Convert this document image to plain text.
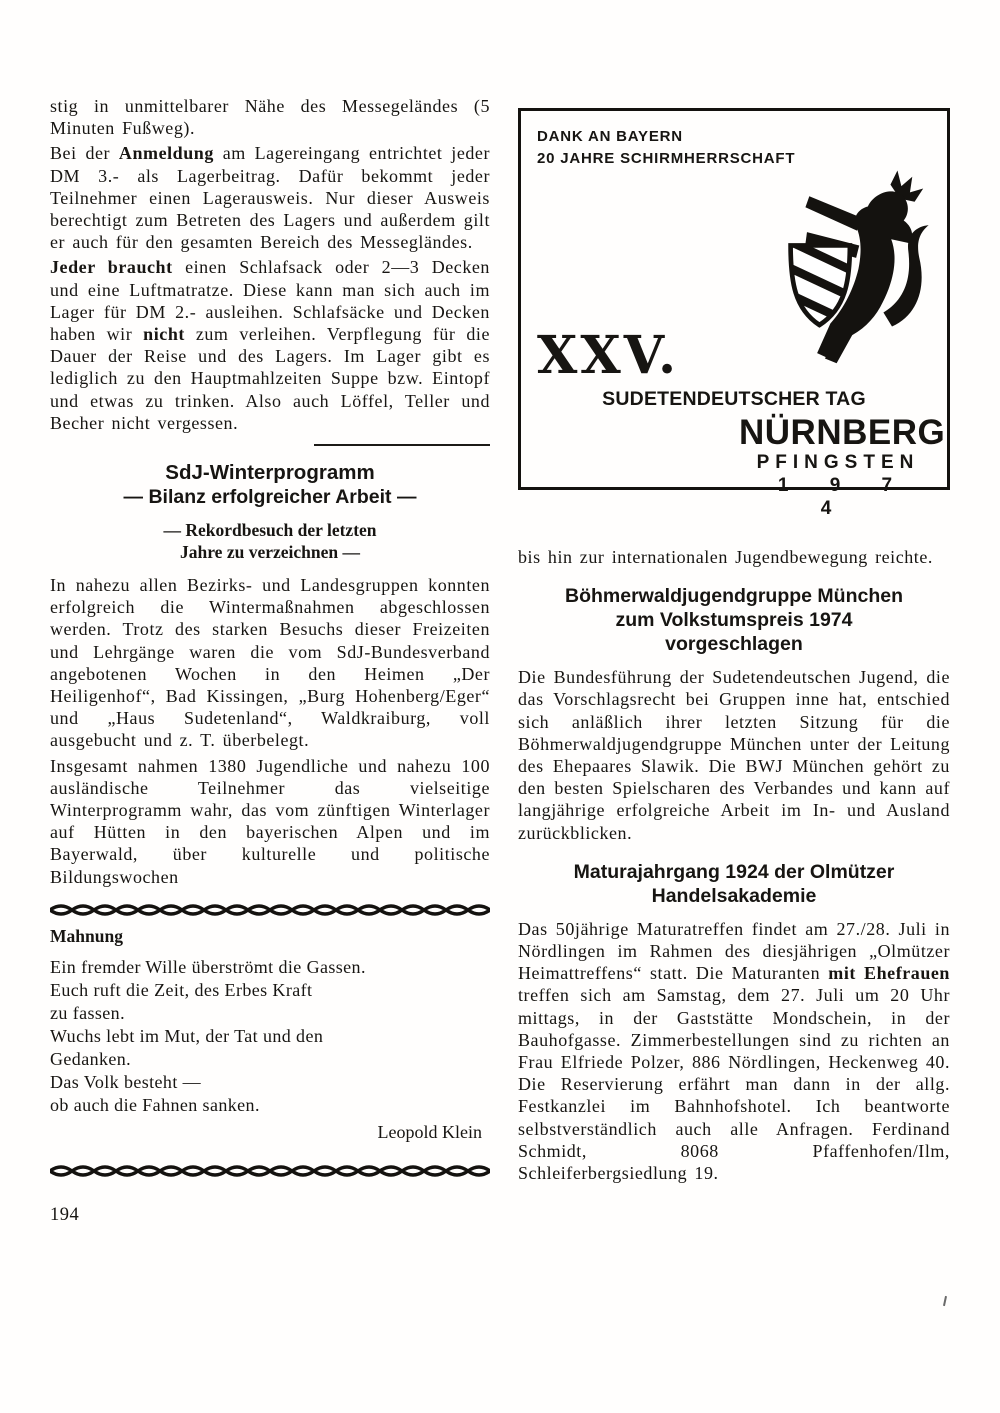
stig in unmittelbarer Nähe des Messegeländes (5 Minuten Fußweg).

Bei der Anmeldung am Lagereingang entrichtet jeder DM 3.- als Lagerbeitrag. Dafür bekommt jeder Teilnehmer einen Lagerausweis. Nur dieser Ausweis berechtigt zum Betreten des Lagers und außerdem gilt er auch für den gesamten Bereich des Messegländes.

Jeder braucht einen Schlafsack oder 2—3 Decken und eine Luftmatratze. Diese kann man sich auch im Lager für DM 2.- ausleihen. Schlafsäcke und Decken haben wir nicht zum verleihen. Verpflegung für die Dauer der Reise und des Lagers. Im Lager gibt es lediglich zu den Hauptmahlzeiten Suppe bzw. Eintopf und etwas zu trinken. Also auch Löffel, Teller und Becher nicht vergessen.

SdJ-Winterprogramm
— Bilanz erfolgreicher Arbeit —
— Rekordbesuch der letzten
Jahre zu verzeichnen —

In nahezu allen Bezirks- und Landesgruppen konnten erfolgreich die Wintermaßnahmen abgeschlossen werden. Trotz des starken Besuchs dieser Freizeiten und Lehrgänge waren die vom SdJ-Bundesverband angebotenen Wochen in den Heimen „Der Heiligenhof“, Bad Kissingen, „Burg Hohenberg/Eger“ und „Haus Sudetenland“, Waldkraiburg, voll ausgebucht und z. T. überbelegt.

Insgesamt nahmen 1380 Jugendliche und nahezu 100 ausländische Teilnehmer das vielseitige Winterprogramm wahr, das vom zünftigen Winterlager auf Hütten in den bayerischen Alpen und im Bayerwald, über kulturelle und politische Bildungswochen

Mahnung
Ein fremder Wille überströmt die Gassen.
Euch ruft die Zeit, des Erbes Kraft
zu fassen.
Wuchs lebt im Mut, der Tat und den
Gedanken.
Das Volk besteht —
ob auch die Fahnen sanken.
Leopold Klein
194
DANK AN BAYERN
20 JAHRE SCHIRMHERRSCHAFT
XXV.
SUDETENDEUTSCHER TAG
NÜRNBERG
PFINGSTEN
1 9 7 4

bis hin zur internationalen Jugendbewegung reichte.

Böhmerwaldjugendgruppe München
zum Volkstumspreis 1974
vorgeschlagen

Die Bundesführung der Sudetendeutschen Jugend, die das Vorschlagsrecht bei Gruppen inne hat, entschied sich anläßlich ihrer letzten Sitzung für die Böhmerwaldjugendgruppe München unter der Leitung des Ehepaares Slawik. Die BWJ München gehört zu den besten Spielscharen des Verbandes und kann auf langjährige erfolgreiche Arbeit im In- und Ausland zurückblicken.

Maturajahrgang 1924 der Olmützer
Handelsakademie

Das 50jährige Maturatreffen findet am 27./28. Juli in Nördlingen im Rahmen des diesjährigen „Olmützer Heimattreffens“ statt. Die Maturanten mit Ehefrauen treffen sich am Samstag, dem 27. Juli um 20 Uhr mittags, in der Gaststätte Mondschein, in der Bauhofgasse. Zimmerbestellungen sind zu richten an Frau Elfriede Polzer, 886 Nördlingen, Heckenweg 40. Die Reservierung erfährt man dann in der allg. Festkanzlei im Bahnhofshotel. Ich beantworte selbstverständlich auch alle Anfragen. Ferdinand Schmidt, 8068 Pfaffenhofen/Ilm, Schleiferbergsiedlung 19.
